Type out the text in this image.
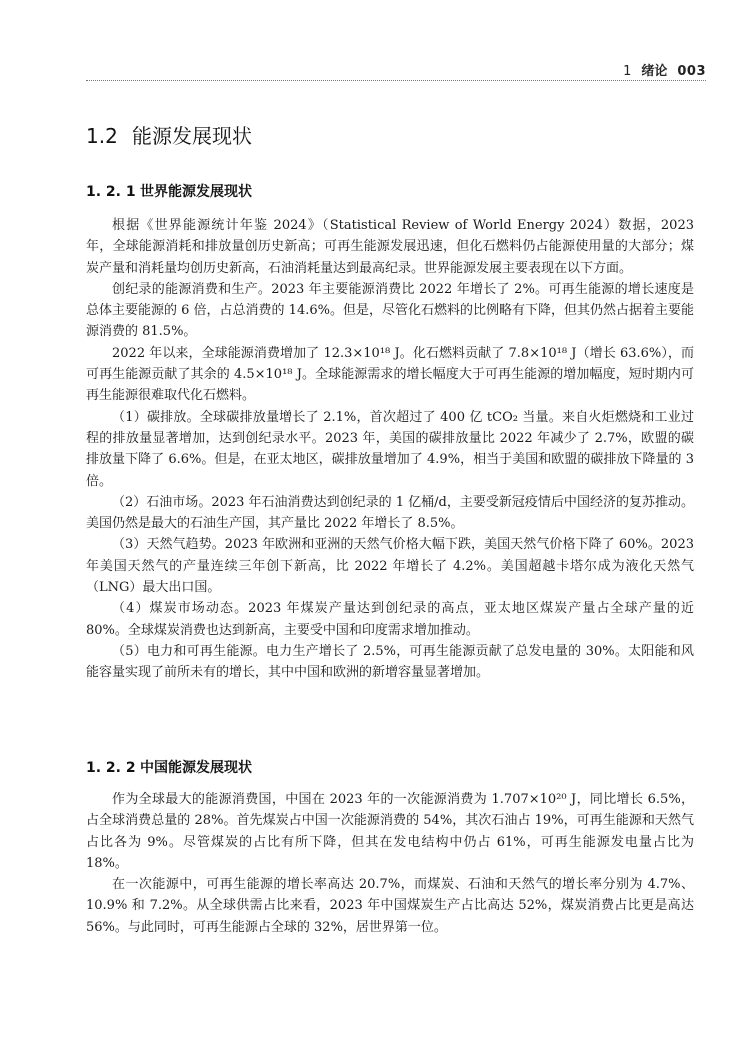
1 绪论 003
1.2 能源发展现状
1. 2. 1 世界能源发展现状

根据《世界能源统计年鉴 2024》（Statistical Review of World Energy 2024）数据，2023 年，全球能源消耗和排放量创历史新高；可再生能源发展迅速，但化石燃料仍占能源使用量的大部分；煤炭产量和消耗量均创历史新高，石油消耗量达到最高纪录。世界能源发展主要表现在以下方面。

创纪录的能源消费和生产。2023 年主要能源消费比 2022 年增长了 2%。可再生能源的增长速度是总体主要能源的 6 倍，占总消费的 14.6%。但是，尽管化石燃料的比例略有下降，但其仍然占据着主要能源消费的 81.5%。

2022 年以来，全球能源消费增加了 12.3×10¹⁸ J。化石燃料贡献了 7.8×10¹⁸ J（增长 63.6%），而可再生能源贡献了其余的 4.5×10¹⁸ J。全球能源需求的增长幅度大于可再生能源的增加幅度，短时期内可再生能源很难取代化石燃料。

（1）碳排放。全球碳排放量增长了 2.1%，首次超过了 400 亿 tCO₂ 当量。来自火炬燃烧和工业过程的排放量显著增加，达到创纪录水平。2023 年，美国的碳排放量比 2022 年减少了 2.7%，欧盟的碳排放量下降了 6.6%。但是，在亚太地区，碳排放量增加了 4.9%，相当于美国和欧盟的碳排放下降量的 3 倍。

（2）石油市场。2023 年石油消费达到创纪录的 1 亿桶/d，主要受新冠疫情后中国经济的复苏推动。美国仍然是最大的石油生产国，其产量比 2022 年增长了 8.5%。

（3）天然气趋势。2023 年欧洲和亚洲的天然气价格大幅下跌，美国天然气价格下降了 60%。2023 年美国天然气的产量连续三年创下新高，比 2022 年增长了 4.2%。美国超越卡塔尔成为液化天然气（LNG）最大出口国。

（4）煤炭市场动态。2023 年煤炭产量达到创纪录的高点，亚太地区煤炭产量占全球产量的近 80%。全球煤炭消费也达到新高，主要受中国和印度需求增加推动。

（5）电力和可再生能源。电力生产增长了 2.5%，可再生能源贡献了总发电量的 30%。太阳能和风能容量实现了前所未有的增长，其中中国和欧洲的新增容量显著增加。

1. 2. 2 中国能源发展现状

作为全球最大的能源消费国，中国在 2023 年的一次能源消费为 1.707×10²⁰ J，同比增长 6.5%，占全球消费总量的 28%。首先煤炭占中国一次能源消费的 54%，其次石油占 19%，可再生能源和天然气占比各为 9%。尽管煤炭的占比有所下降，但其在发电结构中仍占 61%，可再生能源发电量占比为 18%。

在一次能源中，可再生能源的增长率高达 20.7%，而煤炭、石油和天然气的增长率分别为 4.7%、10.9% 和 7.2%。从全球供需占比来看，2023 年中国煤炭生产占比高达 52%，煤炭消费占比更是高达 56%。与此同时，可再生能源占全球的 32%，居世界第一位。
